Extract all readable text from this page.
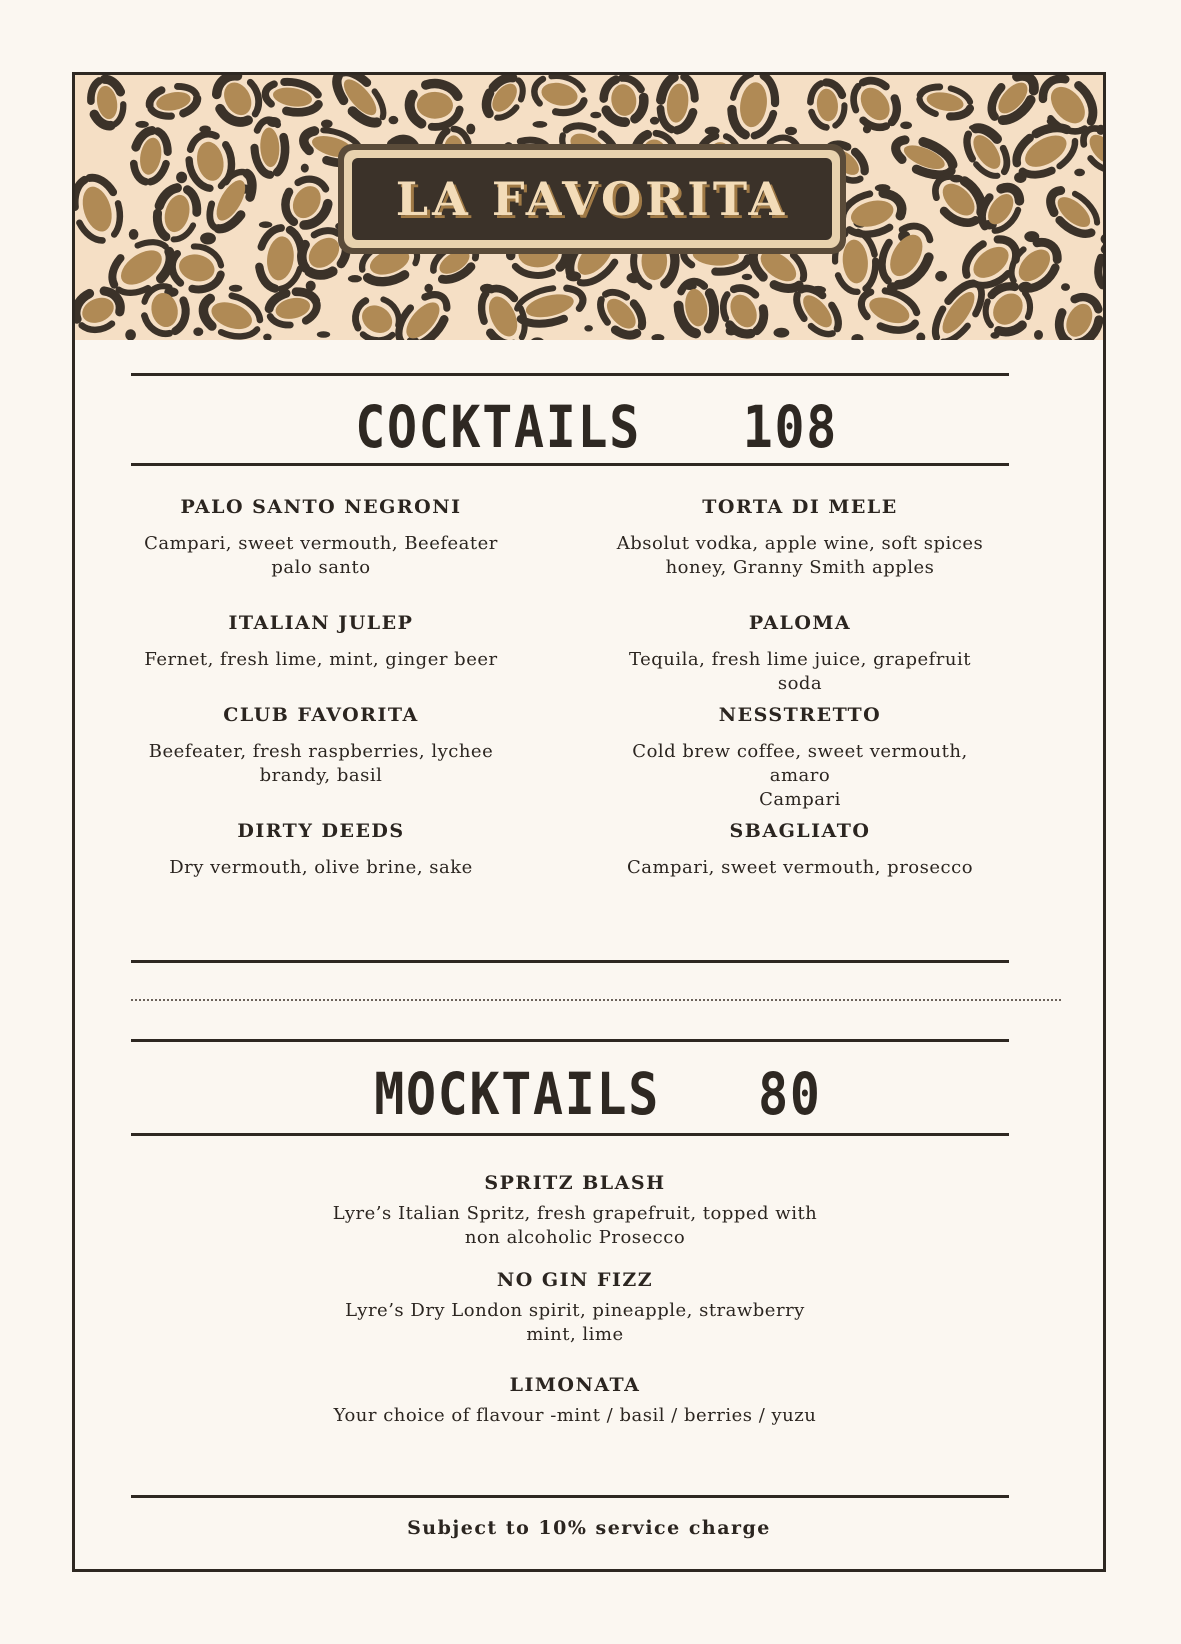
LA FAVORITA
COCKTAILS 108
PALO SANTO NEGRONI
Campari, sweet vermouth, Beefeater
palo santo
TORTA DI MELE
Absolut vodka, apple wine, soft spices
honey, Granny Smith apples
ITALIAN JULEP
Fernet, fresh lime, mint, ginger beer
PALOMA
Tequila, fresh lime juice, grapefruit soda
CLUB FAVORITA
Beefeater, fresh raspberries, lychee
brandy, basil
NESSTRETTO
Cold brew coffee, sweet vermouth, amaro
Campari
DIRTY DEEDS
Dry vermouth, olive brine, sake
SBAGLIATO
Campari, sweet vermouth, prosecco
MOCKTAILS 80
SPRITZ BLASH
Lyre’s Italian Spritz, fresh grapefruit, topped with
non alcoholic Prosecco
NO GIN FIZZ
Lyre’s Dry London spirit, pineapple, strawberry
mint, lime
LIMONATA
Your choice of flavour -mint / basil / berries / yuzu
Subject to 10% service charge
